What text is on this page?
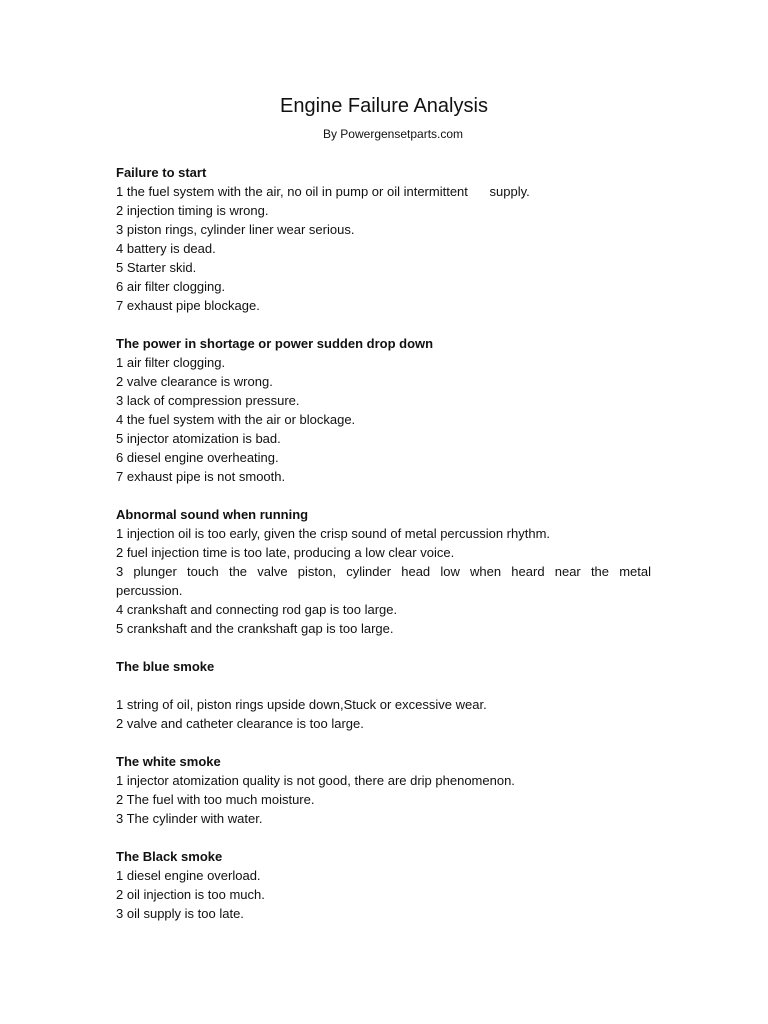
Engine Failure Analysis
By Powergensetparts.com

Failure to start

1 the fuel system with the air, no oil in pump or oil intermittent      supply.

2 injection timing is wrong.

3 piston rings, cylinder liner wear serious.

4 battery is dead.

5 Starter skid.

6 air filter clogging.

7 exhaust pipe blockage.

The power in shortage or power sudden drop down

1 air filter clogging.

2 valve clearance is wrong.

3 lack of compression pressure.

4 the fuel system with the air or blockage.

5 injector atomization is bad.

6 diesel engine overheating.

7 exhaust pipe is not smooth.

Abnormal sound when running

1 injection oil is too early, given the crisp sound of metal percussion rhythm.

2 fuel injection time is too late, producing a low clear voice.

3 plunger touch the valve piston, cylinder head low when heard near the metal

percussion.

4 crankshaft and connecting rod gap is too large.

5 crankshaft and the crankshaft gap is too large.

The blue smoke

1 string of oil, piston rings upside down,Stuck or excessive wear.

2 valve and catheter clearance is too large.

The white smoke

1 injector atomization quality is not good, there are drip phenomenon.

2 The fuel with too much moisture.

3 The cylinder with water.

The Black smoke

1 diesel engine overload.

2 oil injection is too much.

3 oil supply is too late.
